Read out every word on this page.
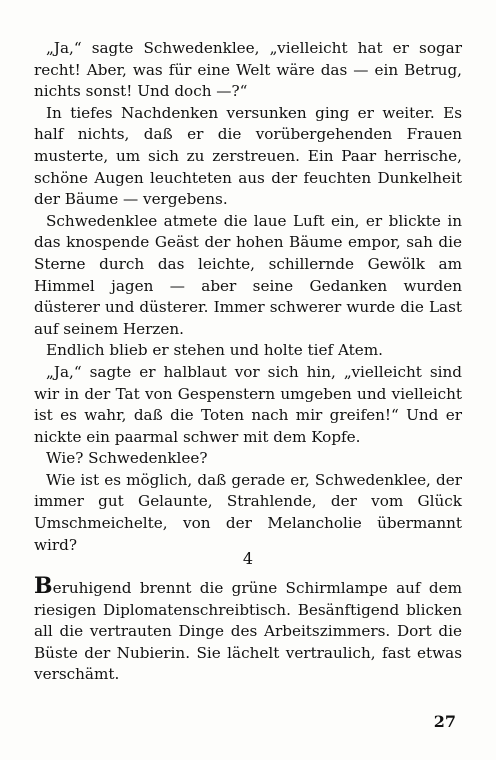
„Ja,“ sagte Schwedenklee, „vielleicht hat er sogar recht! Aber, was für eine Welt wäre das — ein Betrug, nichts sonst! Und doch —?“

In tiefes Nachdenken versunken ging er weiter. Es half nichts, daß er die vorübergehenden Frauen musterte, um sich zu zerstreuen. Ein Paar herrische, schöne Augen leuchteten aus der feuchten Dunkelheit der Bäume — vergebens.

Schwedenklee atmete die laue Luft ein, er blickte in das knospende Geäst der hohen Bäume empor, sah die Sterne durch das leichte, schillernde Gewölk am Himmel jagen — aber seine Gedanken wurden düsterer und düsterer. Immer schwerer wurde die Last auf seinem Herzen.

Endlich blieb er stehen und holte tief Atem.

„Ja,“ sagte er halblaut vor sich hin, „vielleicht sind wir in der Tat von Gespenstern umgeben und vielleicht ist es wahr, daß die Toten nach mir greifen!“ Und er nickte ein paarmal schwer mit dem Kopfe.

Wie? Schwedenklee?

Wie ist es möglich, daß gerade er, Schwedenklee, der immer gut Gelaunte, Strahlende, der vom Glück Umschmeichelte, von der Melancholie übermannt wird?

4

Beruhigend brennt die grüne Schirmlampe auf dem riesigen Diplomatenschreibtisch. Besänftigend blicken all die vertrauten Dinge des Arbeitszimmers. Dort die Büste der Nubierin. Sie lächelt vertraulich, fast etwas verschämt.

27
